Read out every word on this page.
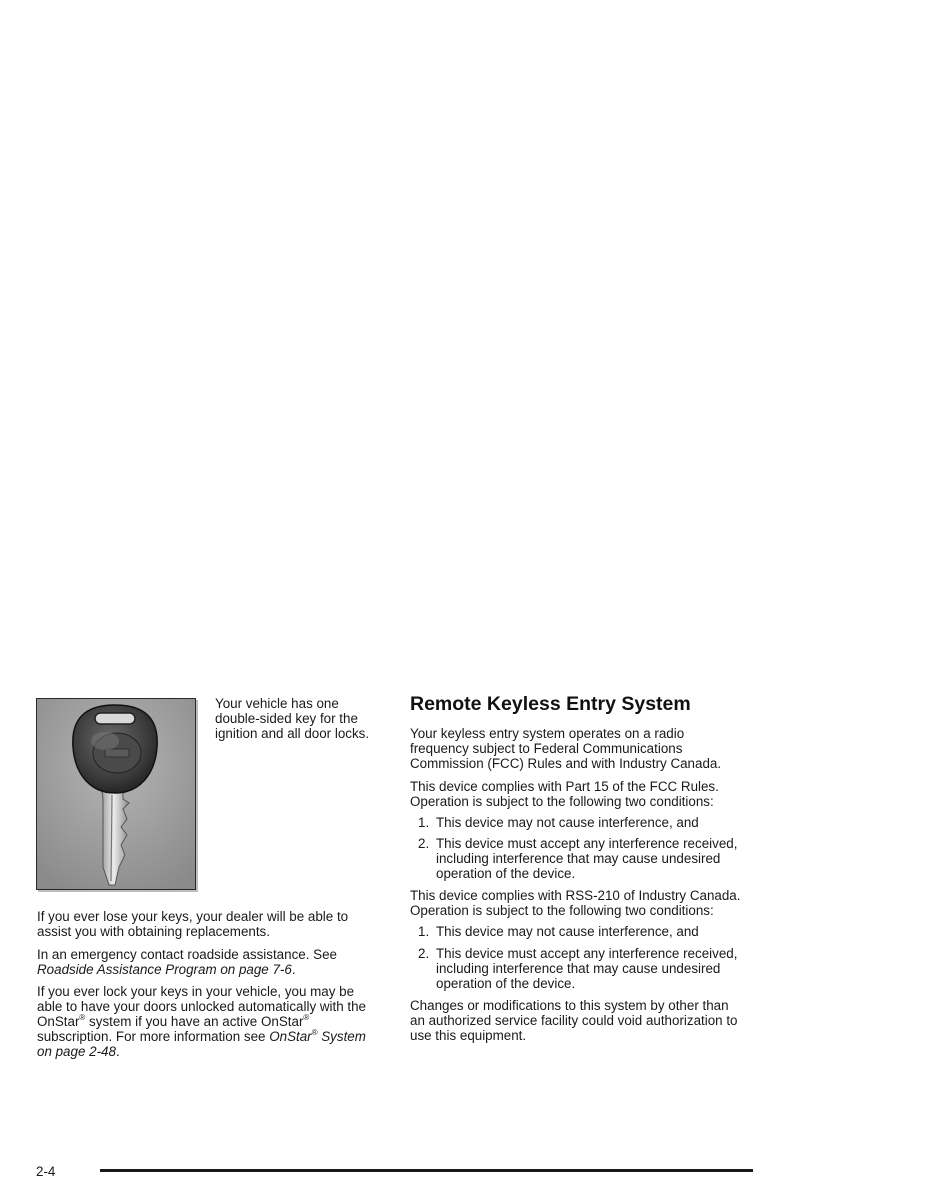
Your vehicle has one
double-sided key for the
ignition and all door locks.

If you ever lose your keys, your dealer will be able to
assist you with obtaining replacements.

In an emergency contact roadside assistance. See
Roadside Assistance Program on page 7-6.

If you ever lock your keys in your vehicle, you may be
able to have your doors unlocked automatically with the
OnStar® system if you have an active OnStar®
subscription. For more information see OnStar® System
on page 2-48.

Remote Keyless Entry System

Your keyless entry system operates on a radio
frequency subject to Federal Communications
Commission (FCC) Rules and with Industry Canada.

This device complies with Part 15 of the FCC Rules.
Operation is subject to the following two conditions:

1. This device may not cause interference, and
2. This device must accept any interference received,
including interference that may cause undesired
operation of the device.

This device complies with RSS-210 of Industry Canada.
Operation is subject to the following two conditions:

1. This device may not cause interference, and
2. This device must accept any interference received,
including interference that may cause undesired
operation of the device.

Changes or modifications to this system by other than
an authorized service facility could void authorization to
use this equipment.

2-4
